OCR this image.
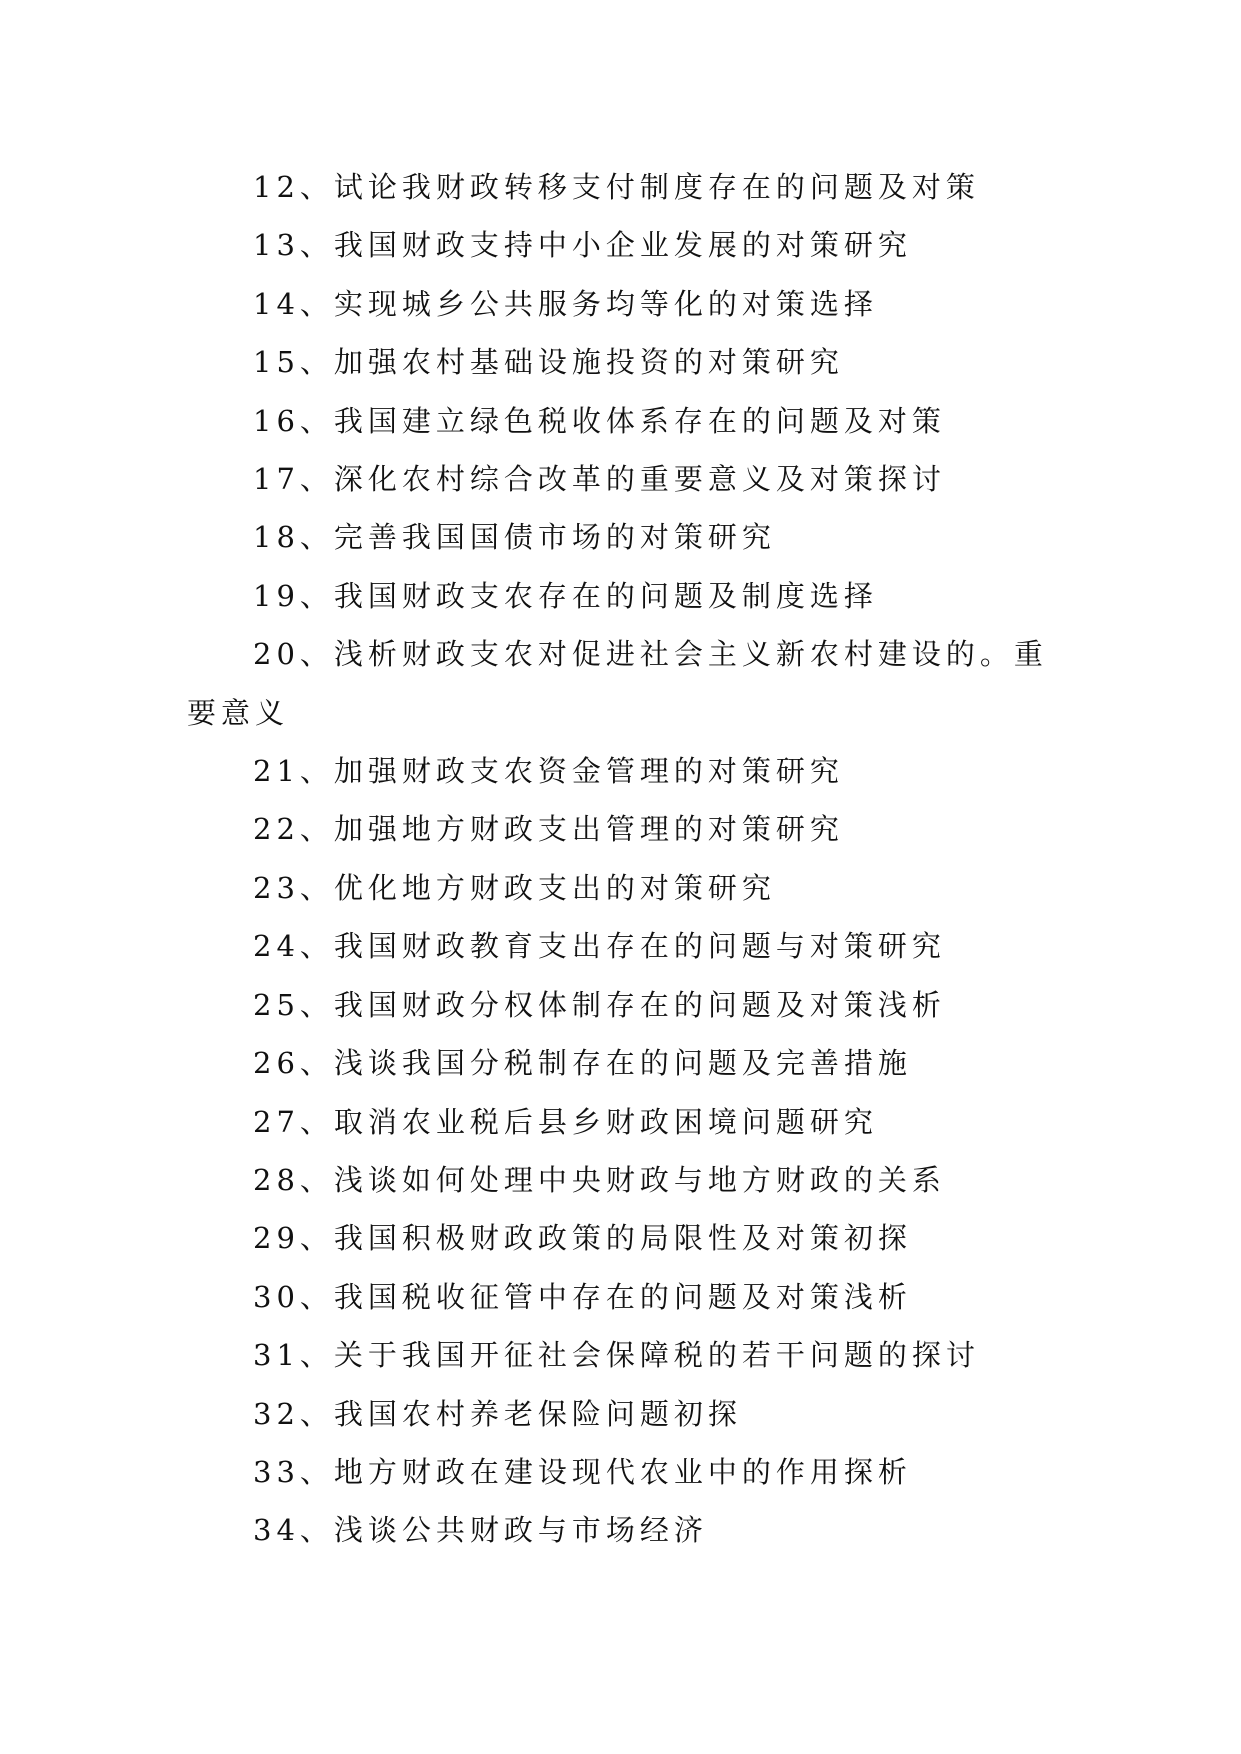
12、试论我财政转移支付制度存在的问题及对策
13、我国财政支持中小企业发展的对策研究
14、实现城乡公共服务均等化的对策选择
15、加强农村基础设施投资的对策研究
16、我国建立绿色税收体系存在的问题及对策
17、深化农村综合改革的重要意义及对策探讨
18、完善我国国债市场的对策研究
19、我国财政支农存在的问题及制度选择
20、浅析财政支农对促进社会主义新农村建设的。重要意义
21、加强财政支农资金管理的对策研究
22、加强地方财政支出管理的对策研究
23、优化地方财政支出的对策研究
24、我国财政教育支出存在的问题与对策研究
25、我国财政分权体制存在的问题及对策浅析
26、浅谈我国分税制存在的问题及完善措施
27、取消农业税后县乡财政困境问题研究
28、浅谈如何处理中央财政与地方财政的关系
29、我国积极财政政策的局限性及对策初探
30、我国税收征管中存在的问题及对策浅析
31、关于我国开征社会保障税的若干问题的探讨
32、我国农村养老保险问题初探
33、地方财政在建设现代农业中的作用探析
34、浅谈公共财政与市场经济
